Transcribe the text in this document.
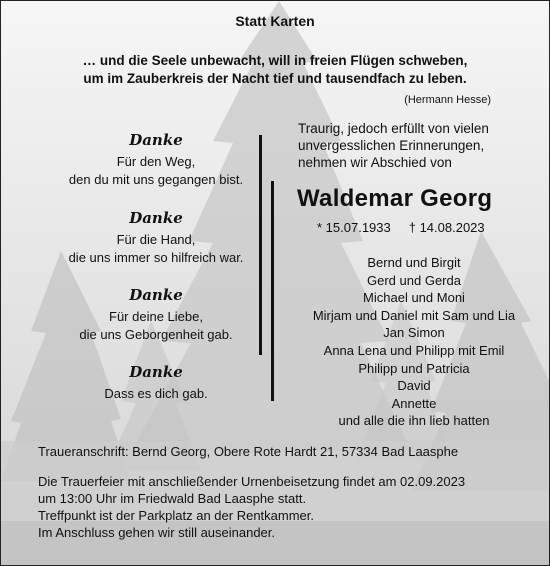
Statt Karten
… und die Seele unbewacht, will in freien Flügen schweben,
um im Zauberkreis der Nacht tief und tausendfach zu leben.
(Hermann Hesse)
Danke
Für den Weg,
den du mit uns gegangen bist.
Danke
Für die Hand,
die uns immer so hilfreich war.
Danke
Für deine Liebe,
die uns Geborgenheit gab.
Danke
Dass es dich gab.
Traurig, jedoch erfüllt von vielen
unvergesslichen Erinnerungen,
nehmen wir Abschied von
Waldemar Georg
* 15.07.1933 † 14.08.2023
Bernd und Birgit
Gerd und Gerda
Michael und Moni
Mirjam und Daniel mit Sam und Lia
Jan Simon
Anna Lena und Philipp mit Emil
Philipp und Patricia
David
Annette
und alle die ihn lieb hatten
Traueranschrift: Bernd Georg, Obere Rote Hardt 21, 57334 Bad Laasphe
Die Trauerfeier mit anschließender Urnenbeisetzung findet am 02.09.2023
um 13:00 Uhr im Friedwald Bad Laasphe statt.
Treffpunkt ist der Parkplatz an der Rentkammer.
Im Anschluss gehen wir still auseinander.
